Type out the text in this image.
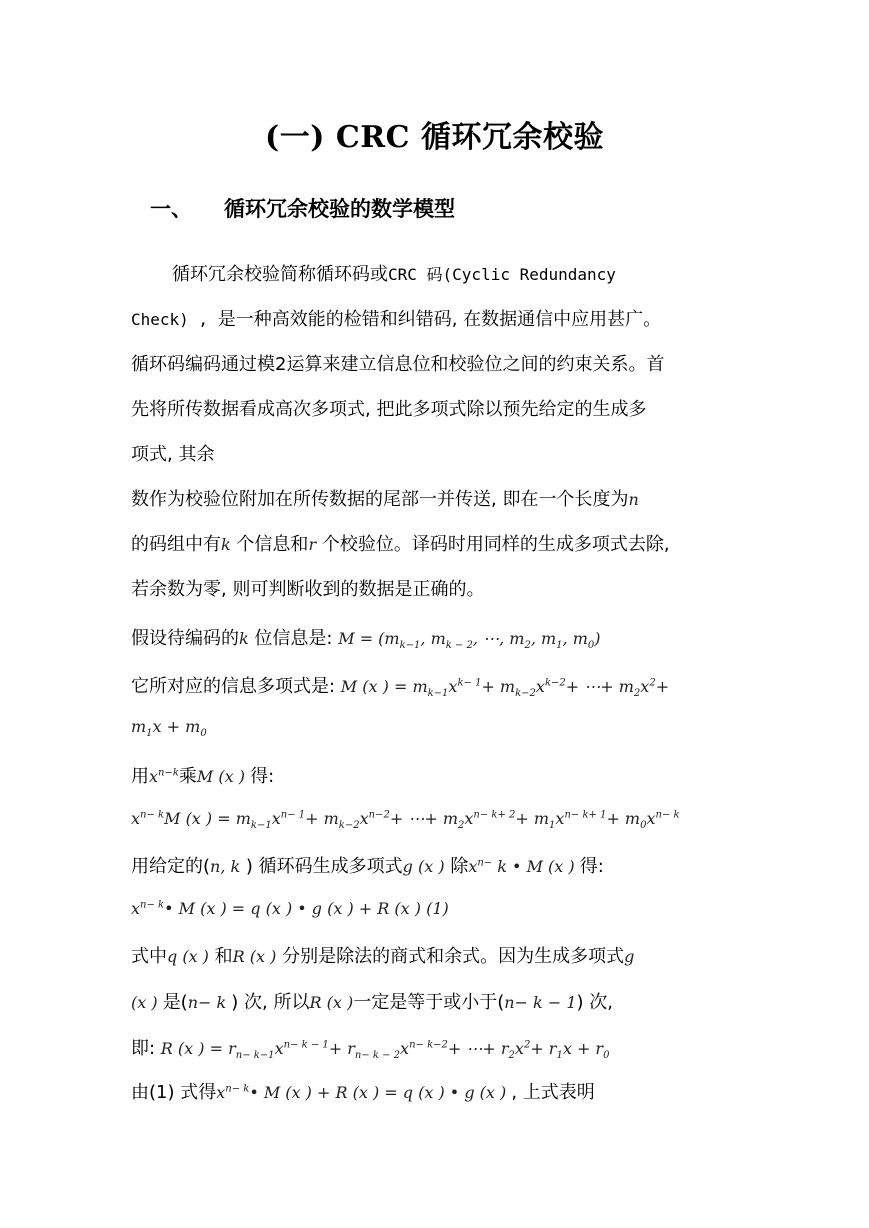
(一) CRC 循环冗余校验
一、 循环冗余校验的数学模型
循环冗余校验简称循环码或CRC 码(Cyclic Redundancy
Check) , 是一种高效能的检错和纠错码, 在数据通信中应用甚广。
循环码编码通过模2运算来建立信息位和校验位之间的约束关系。首
先将所传数据看成高次多项式, 把此多项式除以预先给定的生成多
项式, 其余
数作为校验位附加在所传数据的尾部一并传送, 即在一个长度为n
的码组中有k 个信息和r 个校验位。译码时用同样的生成多项式去除,
若余数为零, 则可判断收到的数据是正确的。
假设待编码的k 位信息是: $M = (m_{k-1}$, $m_{k - 2}$, ⋯, $m_2$, $m_1$, $m_0$)
它所对应的信息多项式是: M (x ) = $m_{k-1}x^{k- 1}+ m_{k-2}x^{k-2}+$ ⋯+ $m_2x^2+$
$m_1x + m_0$
用$x^{n-k}$乘M (x ) 得:
$x^{n- k}M$ (x ) = $m_{k-1}x^{n- 1}+ m_{k-2}x^{n-2}+$ ⋯+ $m_2x^{n- k+ 2}+ m_1x^{n- k+ 1}+ m_0x^{n- k}$
用给定的(n, k ) 循环码生成多项式g (x ) 除$x^{n-}$ k • M (x ) 得:
$x^{n- k}•$ M (x ) = q (x ) • g (x ) + R (x ) (1)
式中q (x ) 和R (x ) 分别是除法的商式和余式。因为生成多项式g
(x ) 是(n− k ) 次, 所以R (x )一定是等于或小于(n− k − 1) 次,
即: R (x ) = $r_{n- k-1}x^{n- k - 1}+ r_{n- k - 2}x^{n- k-2}+$ ⋯+ $r_2x^2+ r_1x + r_0$
由(1) 式得$x^{n- k}•$ M (x ) + R (x ) = q (x ) • g (x ) , 上式表明
